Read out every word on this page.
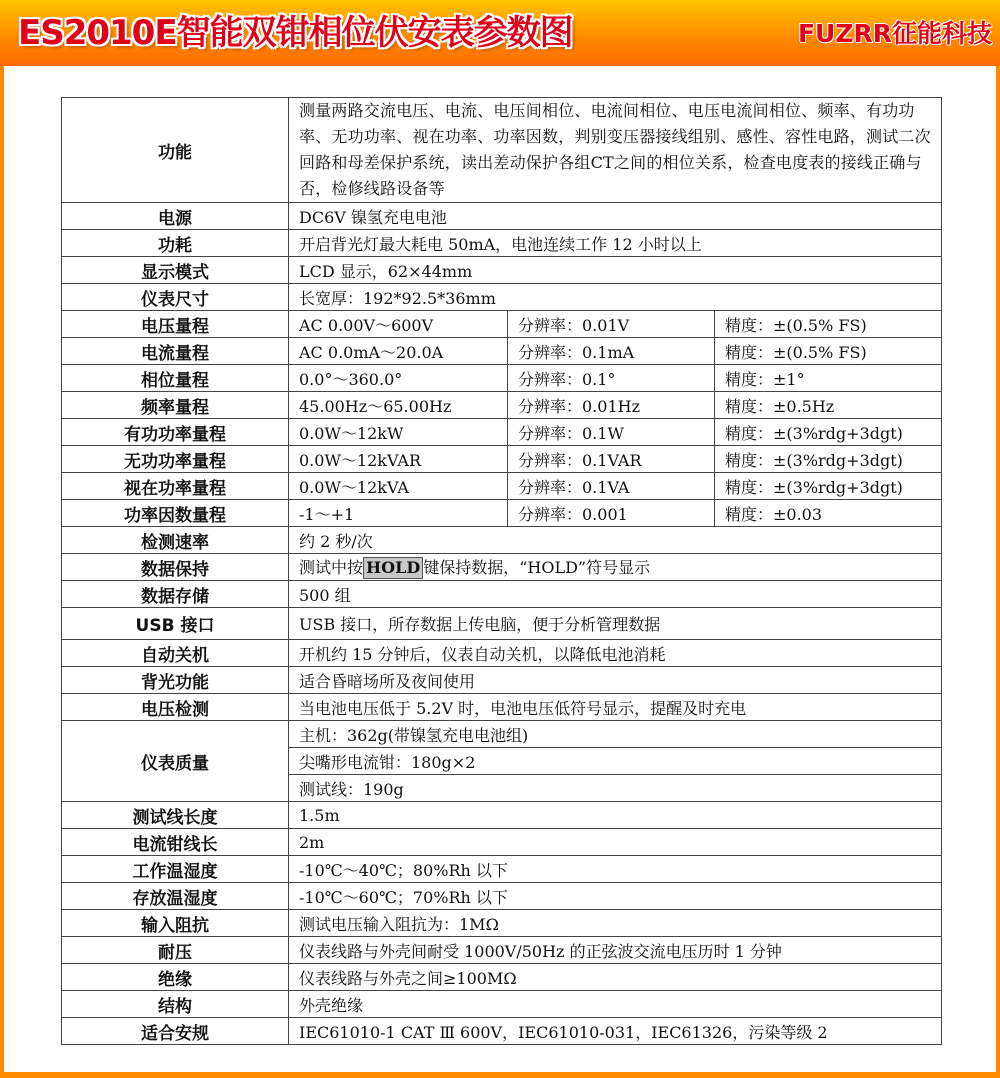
ES2010E智能双钳相位伏安表参数图	FUZRR征能科技
功能	测量两路交流电压、电流、电压间相位、电流间相位、电压电流间相位、频率、有功功率、无功功率、视在功率、功率因数，判别变压器接线组别、感性、容性电路，测试二次回路和母差保护系统，读出差动保护各组CT之间的相位关系，检查电度表的接线正确与否，检修线路设备等		
电源	DC6V 镍氢充电电池		
功耗	开启背光灯最大耗电 50mA，电池连续工作 12 小时以上		
显示模式	LCD 显示，62×44mm		
仪表尺寸	长宽厚：192*92.5*36mm		
电压量程	AC 0.00V～600V	分辨率：0.01V	精度：±(0.5% FS)
电流量程	AC 0.0mA～20.0A	分辨率：0.1mA	精度：±(0.5% FS)
相位量程	0.0°～360.0°	分辨率：0.1°	精度：±1°
频率量程	45.00Hz～65.00Hz	分辨率：0.01Hz	精度：±0.5Hz
有功功率量程	0.0W～12kW	分辨率：0.1W	精度：±(3%rdg+3dgt)
无功功率量程	0.0W～12kVAR	分辨率：0.1VAR	精度：±(3%rdg+3dgt)
视在功率量程	0.0W～12kVA	分辨率：0.1VA	精度：±(3%rdg+3dgt)
功率因数量程	-1～+1	分辨率：0.001	精度：±0.03
检测速率	约 2 秒/次		
数据保持	测试中按 HOLD 键保持数据，“HOLD”符号显示		
数据存储	500 组		
USB 接口	USB 接口，所存数据上传电脑，便于分析管理数据		
自动关机	开机约 15 分钟后，仪表自动关机，以降低电池消耗		
背光功能	适合昏暗场所及夜间使用		
电压检测	当电池电压低于 5.2V 时，电池电压低符号显示，提醒及时充电		
仪表质量	主机：362g(带镍氢充电电池组)		
	尖嘴形电流钳：180g×2		
	测试线：190g		
测试线长度	1.5m		
电流钳线长	2m		
工作温湿度	-10℃～40℃；80%Rh 以下		
存放温湿度	-10℃～60℃；70%Rh 以下		
输入阻抗	测试电压输入阻抗为：1MΩ		
耐压	仪表线路与外壳间耐受 1000V/50Hz 的正弦波交流电压历时 1 分钟		
绝缘	仪表线路与外壳之间≥100MΩ		
结构	外壳绝缘		
适合安规	IEC61010-1 CAT Ⅲ 600V，IEC61010-031，IEC61326，污染等级 2		
